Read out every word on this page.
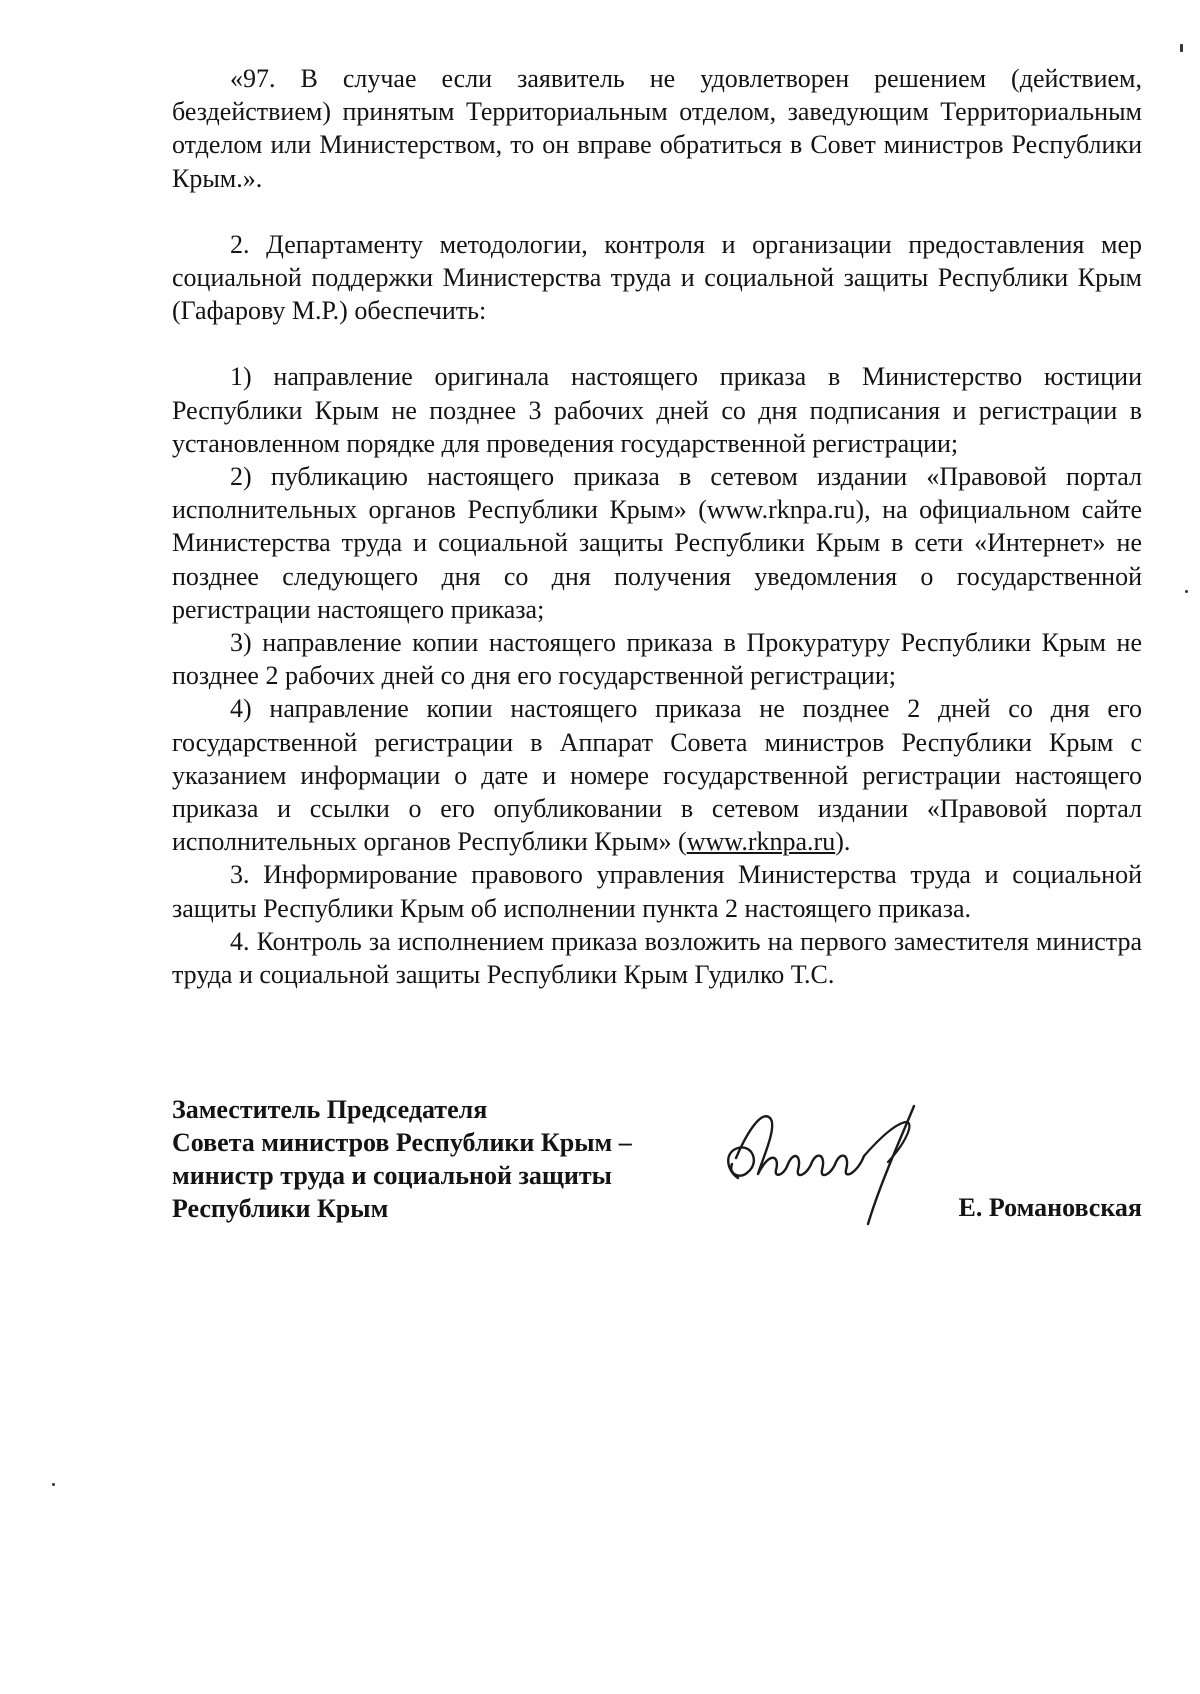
«97. В случае если заявитель не удовлетворен решением (действием, бездействием) принятым Территориальным отделом, заведующим Территориальным отделом или Министерством, то он вправе обратиться в Совет министров Республики Крым.».

2. Департаменту методологии, контроля и организации предоставления мер социальной поддержки Министерства труда и социальной защиты Республики Крым (Гафарову М.Р.) обеспечить:

1) направление оригинала настоящего приказа в Министерство юстиции Республики Крым не позднее 3 рабочих дней со дня подписания и регистрации в установленном порядке для проведения государственной регистрации;

2) публикацию настоящего приказа в сетевом издании «Правовой портал исполнительных органов Республики Крым» (www.rknpa.ru), на официальном сайте Министерства труда и социальной защиты Республики Крым в сети «Интернет» не позднее следующего дня со дня получения уведомления о государственной регистрации настоящего приказа;

3) направление копии настоящего приказа в Прокуратуру Республики Крым не позднее 2 рабочих дней со дня его государственной регистрации;

4) направление копии настоящего приказа не позднее 2 дней со дня его государственной регистрации в Аппарат Совета министров Республики Крым с указанием информации о дате и номере государственной регистрации настоящего приказа и ссылки о его опубликовании в сетевом издании «Правовой портал исполнительных органов Республики Крым» (www.rknpa.ru).

3. Информирование правового управления Министерства труда и социальной защиты Республики Крым об исполнении пункта 2 настоящего приказа.

4. Контроль за исполнением приказа возложить на первого заместителя министра труда и социальной защиты Республики Крым Гудилко Т.С.

Заместитель Председателя
Совета министров Республики Крым –
министр труда и социальной защиты
Республики Крым	Е. Романовская
